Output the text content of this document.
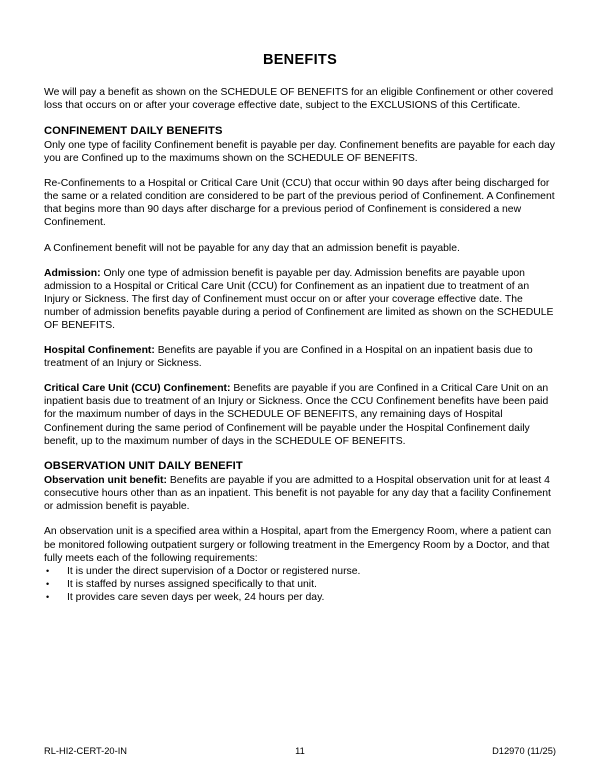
BENEFITS

We will pay a benefit as shown on the SCHEDULE OF BENEFITS for an eligible Confinement or other covered loss that occurs on or after your coverage effective date, subject to the EXCLUSIONS of this Certificate.

CONFINEMENT DAILY BENEFITS

Only one type of facility Confinement benefit is payable per day. Confinement benefits are payable for each day you are Confined up to the maximums shown on the SCHEDULE OF BENEFITS.

Re-Confinements to a Hospital or Critical Care Unit (CCU) that occur within 90 days after being discharged for the same or a related condition are considered to be part of the previous period of Confinement. A Confinement that begins more than 90 days after discharge for a previous period of Confinement is considered a new Confinement.

A Confinement benefit will not be payable for any day that an admission benefit is payable.

Admission: Only one type of admission benefit is payable per day. Admission benefits are payable upon admission to a Hospital or Critical Care Unit (CCU) for Confinement as an inpatient due to treatment of an Injury or Sickness. The first day of Confinement must occur on or after your coverage effective date. The number of admission benefits payable during a period of Confinement are limited as shown on the SCHEDULE OF BENEFITS.

Hospital Confinement: Benefits are payable if you are Confined in a Hospital on an inpatient basis due to treatment of an Injury or Sickness.

Critical Care Unit (CCU) Confinement: Benefits are payable if you are Confined in a Critical Care Unit on an inpatient basis due to treatment of an Injury or Sickness. Once the CCU Confinement benefits have been paid for the maximum number of days in the SCHEDULE OF BENEFITS, any remaining days of Hospital Confinement during the same period of Confinement will be payable under the Hospital Confinement daily benefit, up to the maximum number of days in the SCHEDULE OF BENEFITS.

OBSERVATION UNIT DAILY BENEFIT

Observation unit benefit: Benefits are payable if you are admitted to a Hospital observation unit for at least 4 consecutive hours other than as an inpatient. This benefit is not payable for any day that a facility Confinement or admission benefit is payable.

An observation unit is a specified area within a Hospital, apart from the Emergency Room, where a patient can be monitored following outpatient surgery or following treatment in the Emergency Room by a Doctor, and that fully meets each of the following requirements:

• It is under the direct supervision of a Doctor or registered nurse.
• It is staffed by nurses assigned specifically to that unit.
• It provides care seven days per week, 24 hours per day.
RL-HI2-CERT-20-IN	11	D12970 (11/25)
